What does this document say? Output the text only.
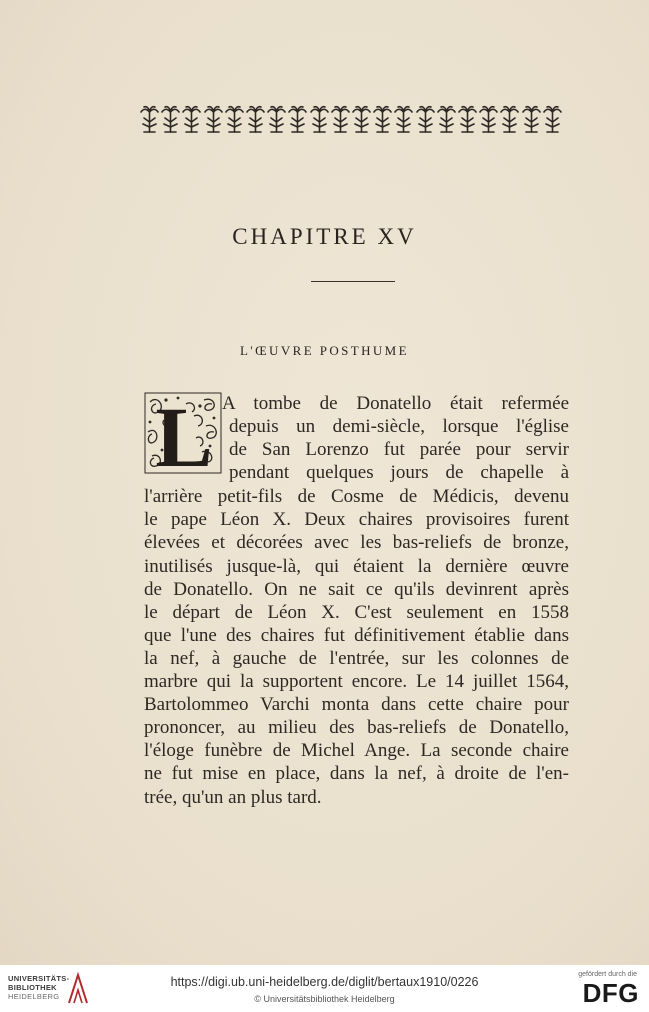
CHAPITRE XV
L'ŒUVRE POSTHUME
L A tombe de Donatello était refermée
depuis un demi-siècle, lorsque l'église
de San Lorenzo fut parée pour servir
pendant quelques jours de chapelle à
l'arrière petit-fils de Cosme de Médicis, devenu
le pape Léon X. Deux chaires provisoires furent
élevées et décorées avec les bas-reliefs de bronze,
inutilisés jusque-là, qui étaient la dernière œuvre
de Donatello. On ne sait ce qu'ils devinrent après
le départ de Léon X. C'est seulement en 1558
que l'une des chaires fut définitivement établie dans
la nef, à gauche de l'entrée, sur les colonnes de
marbre qui la supportent encore. Le 14 juillet 1564,
Bartolommeo Varchi monta dans cette chaire pour
prononcer, au milieu des bas-reliefs de Donatello,
l'éloge funèbre de Michel Ange. La seconde chaire
ne fut mise en place, dans la nef, à droite de l'en-
trée, qu'un an plus tard.
UNIVERSITÄTS-
BIBLIOTHEK
HEIDELBERG
https://digi.ub.uni-heidelberg.de/diglit/bertaux1910/0226
© Universitätsbibliothek Heidelberg
gefördert durch die
DFG
